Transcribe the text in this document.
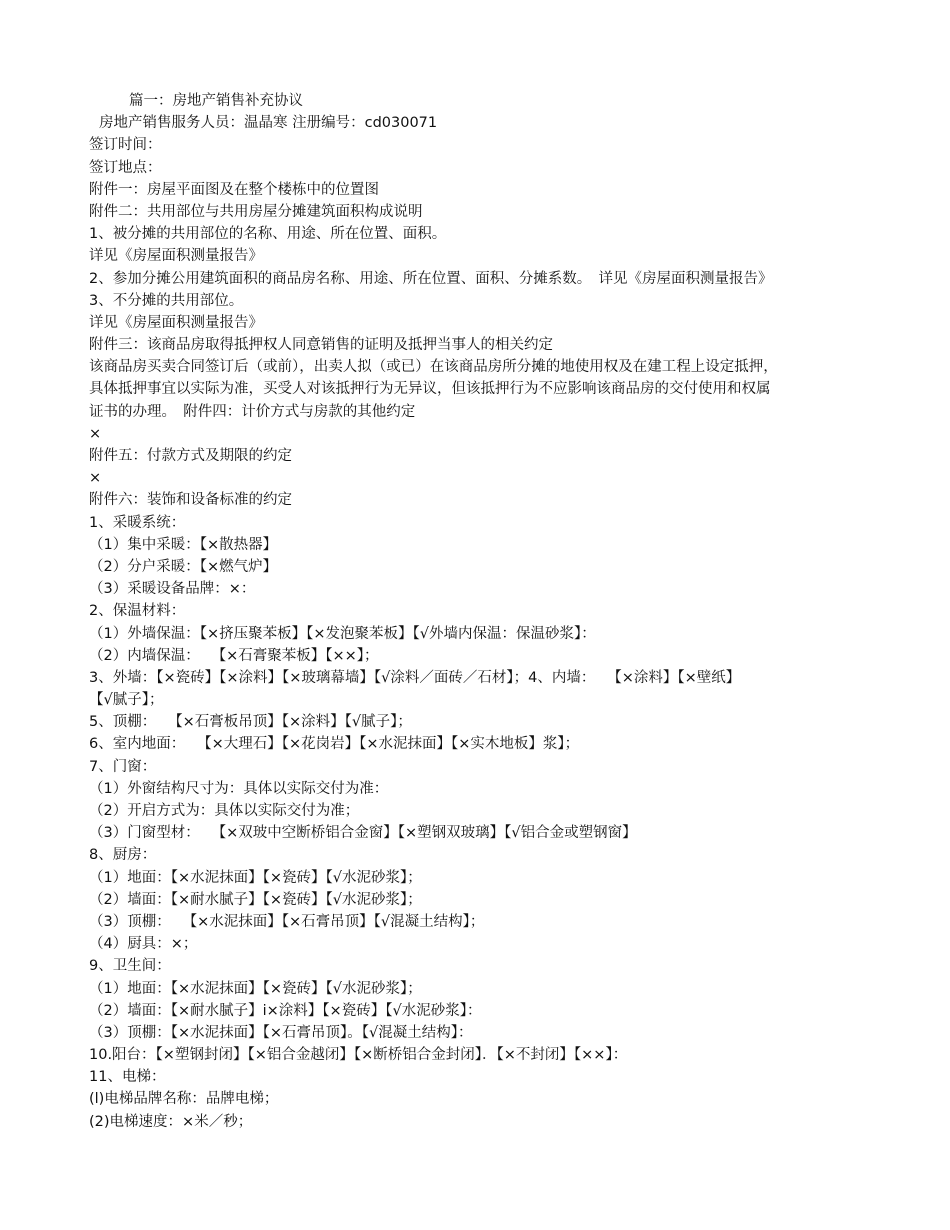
篇一：房地产销售补充协议
房地产销售服务人员：温晶寒 注册编号：cd030071
签订时间：
签订地点：
附件一：房屋平面图及在整个楼栋中的位置图
附件二：共用部位与共用房屋分摊建筑面积构成说明
1、被分摊的共用部位的名称、用途、所在位置、面积。
详见《房屋面积测量报告》
2、参加分摊公用建筑面积的商品房名称、用途、所在位置、面积、分摊系数。　详见《房屋面积测量报告》
3、不分摊的共用部位。
详见《房屋面积测量报告》
附件三：该商品房取得抵押权人同意销售的证明及抵押当事人的相关约定
该商品房买卖合同签订后（或前），出卖人拟（或已）在该商品房所分摊的地使用权及在建工程上设定抵押，
具体抵押事宜以实际为准，买受人对该抵押行为无异议，但该抵押行为不应影响该商品房的交付使用和权属
证书的办理。　附件四：计价方式与房款的其他约定
×
附件五：付款方式及期限的约定
×
附件六：装饰和设备标准的约定
1、采暖系统：
（1）集中采暖：【×散热器】
（2）分户采暖：【×燃气炉】
（3）采暖设备品牌：×：
2、保温材料：
（1）外墙保温：【×挤压聚苯板】【×发泡聚苯板】【√外墙内保温：保温砂浆】：
（2）内墙保温：　 【×石膏聚苯板】【××】；
3、外墙：【×瓷砖】【×涂料】【×玻璃幕墙】【√涂料／面砖／石材】；4、内墙：　 【×涂料】【×壁纸】
【√腻子】；
5、顶棚：　 【×石膏板吊顶】【×涂料】【√腻子】；
6、室内地面：　 【×大理石】【×花岗岩】【×水泥抹面】【×实木地板】浆】；
7、门窗：
（1）外窗结构尺寸为：具体以实际交付为准：
（2）开启方式为：具体以实际交付为准；
（3）门窗型材：　 【×双玻中空断桥铝合金窗】【×塑钢双玻璃】【√铝合金或塑钢窗】
8、厨房：
（1）地面：【×水泥抹面】【×瓷砖】【√水泥砂浆】；
（2）墙面：【×耐水腻子】【×瓷砖】【√水泥砂浆】；
（3）顶棚：　 【×水泥抹面】【×石膏吊顶】【√混凝土结构】；
（4）厨具：×；
9、卫生间：
（1）地面：【×水泥抹面】【×瓷砖】【√水泥砂浆】；
（2）墙面：【×耐水腻子】i×涂料】【×瓷砖】【√水泥砂浆】：
（3）顶棚：【×水泥抹面】【×石膏吊顶】。【√混凝土结构】：
10.阳台：【×塑钢封闭】【×铝合金越闭】【×断桥铝合金封闭】．【×不封闭】【××】：
11、电梯：
(l)电梯品牌名称：品牌电梯；
(2)电梯速度：×米／秒；
